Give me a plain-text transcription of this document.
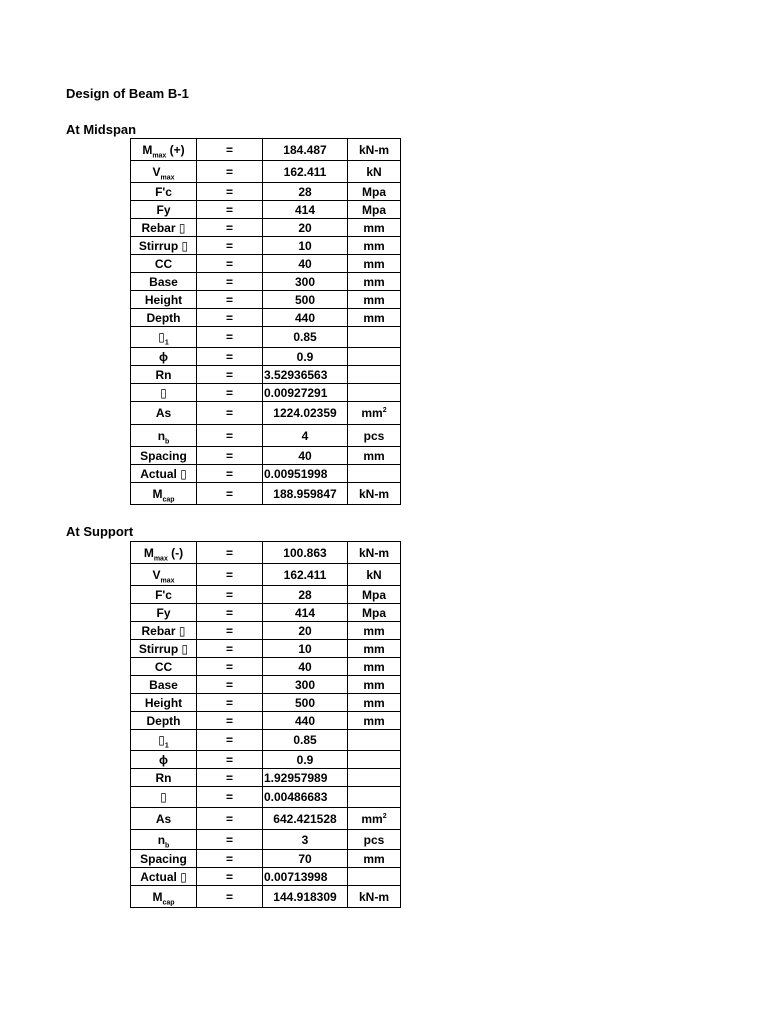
Design of Beam B-1
At Midspan
$M_{max}$ (+)	=	184.487	kN-m
$V_{max}$	=	162.411	kN
F'c	=	28	Mpa
Fy	=	414	Mpa
Rebar ▯	=	20	mm
Stirrup ▯	=	10	mm
CC	=	40	mm
Base	=	300	mm
Height	=	500	mm
Depth	=	440	mm
$▯_1$	=	0.85	
ϕ	=	0.9	
Rn	=	3.52936563	
▯	=	0.00927291	
As	=	1224.02359	$mm^2$
$n_b$	=	4	pcs
Spacing	=	40	mm
Actual ▯	=	0.00951998	
$M_{cap}$	=	188.959847	kN-m
At Support
$M_{max}$ (-)	=	100.863	kN-m
$V_{max}$	=	162.411	kN
F'c	=	28	Mpa
Fy	=	414	Mpa
Rebar ▯	=	20	mm
Stirrup ▯	=	10	mm
CC	=	40	mm
Base	=	300	mm
Height	=	500	mm
Depth	=	440	mm
$▯_1$	=	0.85	
ϕ	=	0.9	
Rn	=	1.92957989	
▯	=	0.00486683	
As	=	642.421528	$mm^2$
$n_b$	=	3	pcs
Spacing	=	70	mm
Actual ▯	=	0.00713998	
$M_{cap}$	=	144.918309	kN-m
